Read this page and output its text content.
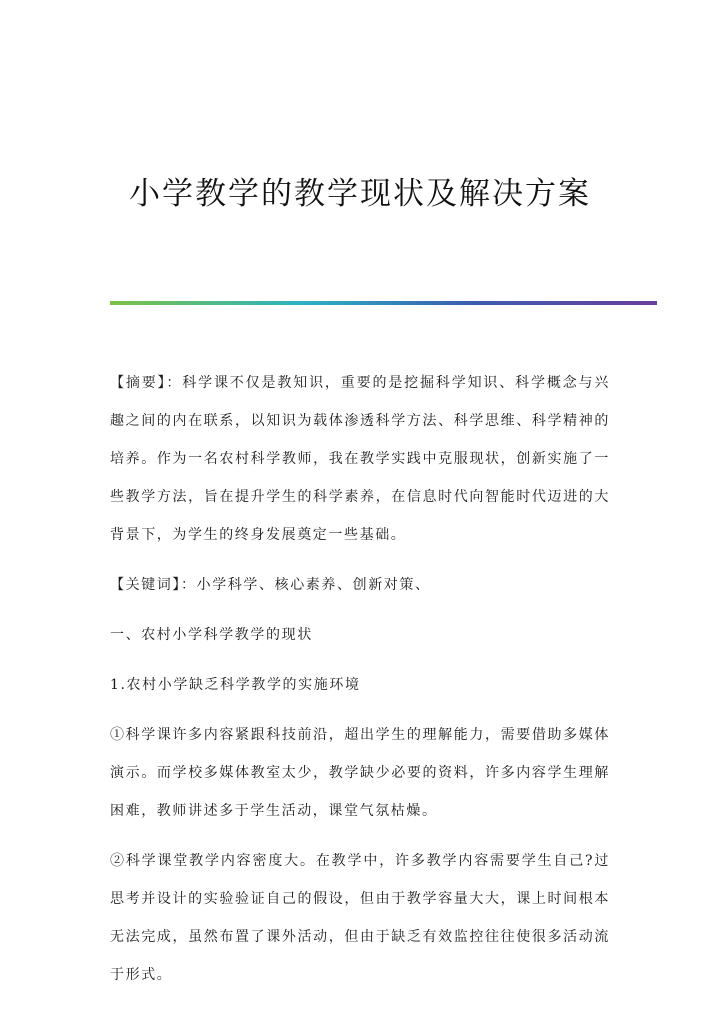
小学教学的教学现状及解决方案

【摘要】：科学课不仅是教知识，重要的是挖掘科学知识、科学概念与兴趣之间的内在联系，以知识为载体渗透科学方法、科学思维、科学精神的培养。作为一名农村科学教师，我在教学实践中克服现状，创新实施了一些教学方法，旨在提升学生的科学素养，在信息时代向智能时代迈进的大背景下，为学生的终身发展奠定一些基础。

【关键词】：小学科学、核心素养、创新对策、

一、农村小学科学教学的现状

1.农村小学缺乏科学教学的实施环境

①科学课许多内容紧跟科技前沿，超出学生的理解能力，需要借助多媒体演示。而学校多媒体教室太少，教学缺少必要的资料，许多内容学生理解困难，教师讲述多于学生活动，课堂气氛枯燥。

②科学课堂教学内容密度大。在教学中，许多教学内容需要学生自己?过思考并设计的实验验证自己的假设，但由于教学容量大大，课上时间根本无法完成，虽然布置了课外活动，但由于缺乏有效监控往往使很多活动流于形式。
